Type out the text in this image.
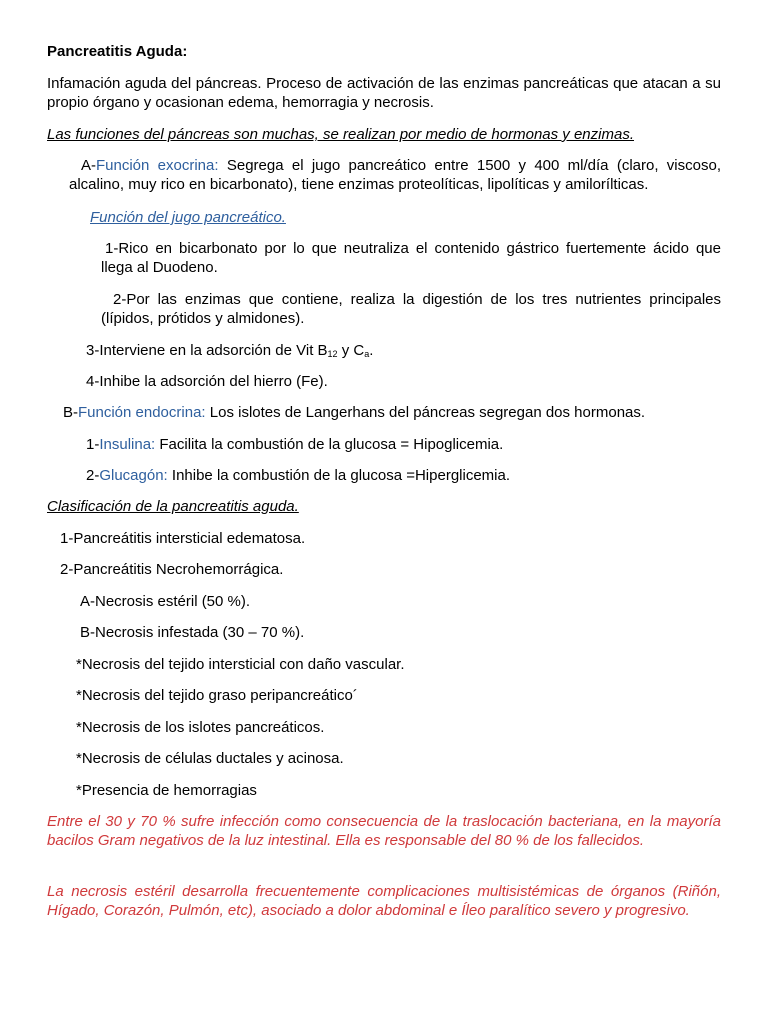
Pancreatitis Aguda:
Infamación aguda del páncreas. Proceso de activación de las enzimas pancreáticas que atacan a su propio órgano y ocasionan edema, hemorragia y necrosis.
Las funciones del páncreas son muchas, se realizan por medio de hormonas y enzimas.
A-Función exocrina: Segrega el jugo pancreático entre 1500 y 400 ml/día (claro, viscoso, alcalino, muy rico en bicarbonato), tiene enzimas proteolíticas, lipolíticas y amilorílticas.
Función del jugo pancreático.
1-Rico en bicarbonato por lo que neutraliza el contenido gástrico fuertemente ácido que llega al Duodeno.
2-Por las enzimas que contiene, realiza la digestión de los tres nutrientes principales (lípidos, prótidos y almidones).
3-Interviene en la adsorción de Vit $B_{12}$ y $C_a$.
4-Inhibe la adsorción del hierro (Fe).
B-Función endocrina: Los islotes de Langerhans del páncreas segregan dos hormonas.
1-Insulina: Facilita la combustión de la glucosa = Hipoglicemia.
2-Glucagón: Inhibe la combustión de la glucosa =Hiperglicemia.
Clasificación de la pancreatitis aguda.
1-Pancreátitis intersticial edematosa.
2-Pancreátitis Necrohemorrágica.
A-Necrosis estéril (50 %).
B-Necrosis infestada (30 – 70 %).
*Necrosis del tejido intersticial con daño vascular.
*Necrosis del tejido graso peripancreático´
*Necrosis de los islotes pancreáticos.
*Necrosis de células ductales y acinosa.
*Presencia de hemorragias
Entre el 30 y 70 % sufre infección como consecuencia de la traslocación bacteriana, en la mayoría bacilos Gram negativos de la luz intestinal. Ella es responsable del 80 % de los fallecidos.
La necrosis estéril desarrolla frecuentemente complicaciones multisistémicas de órganos (Riñón, Hígado, Corazón, Pulmón, etc), asociado a dolor abdominal e Íleo paralítico severo y progresivo.
